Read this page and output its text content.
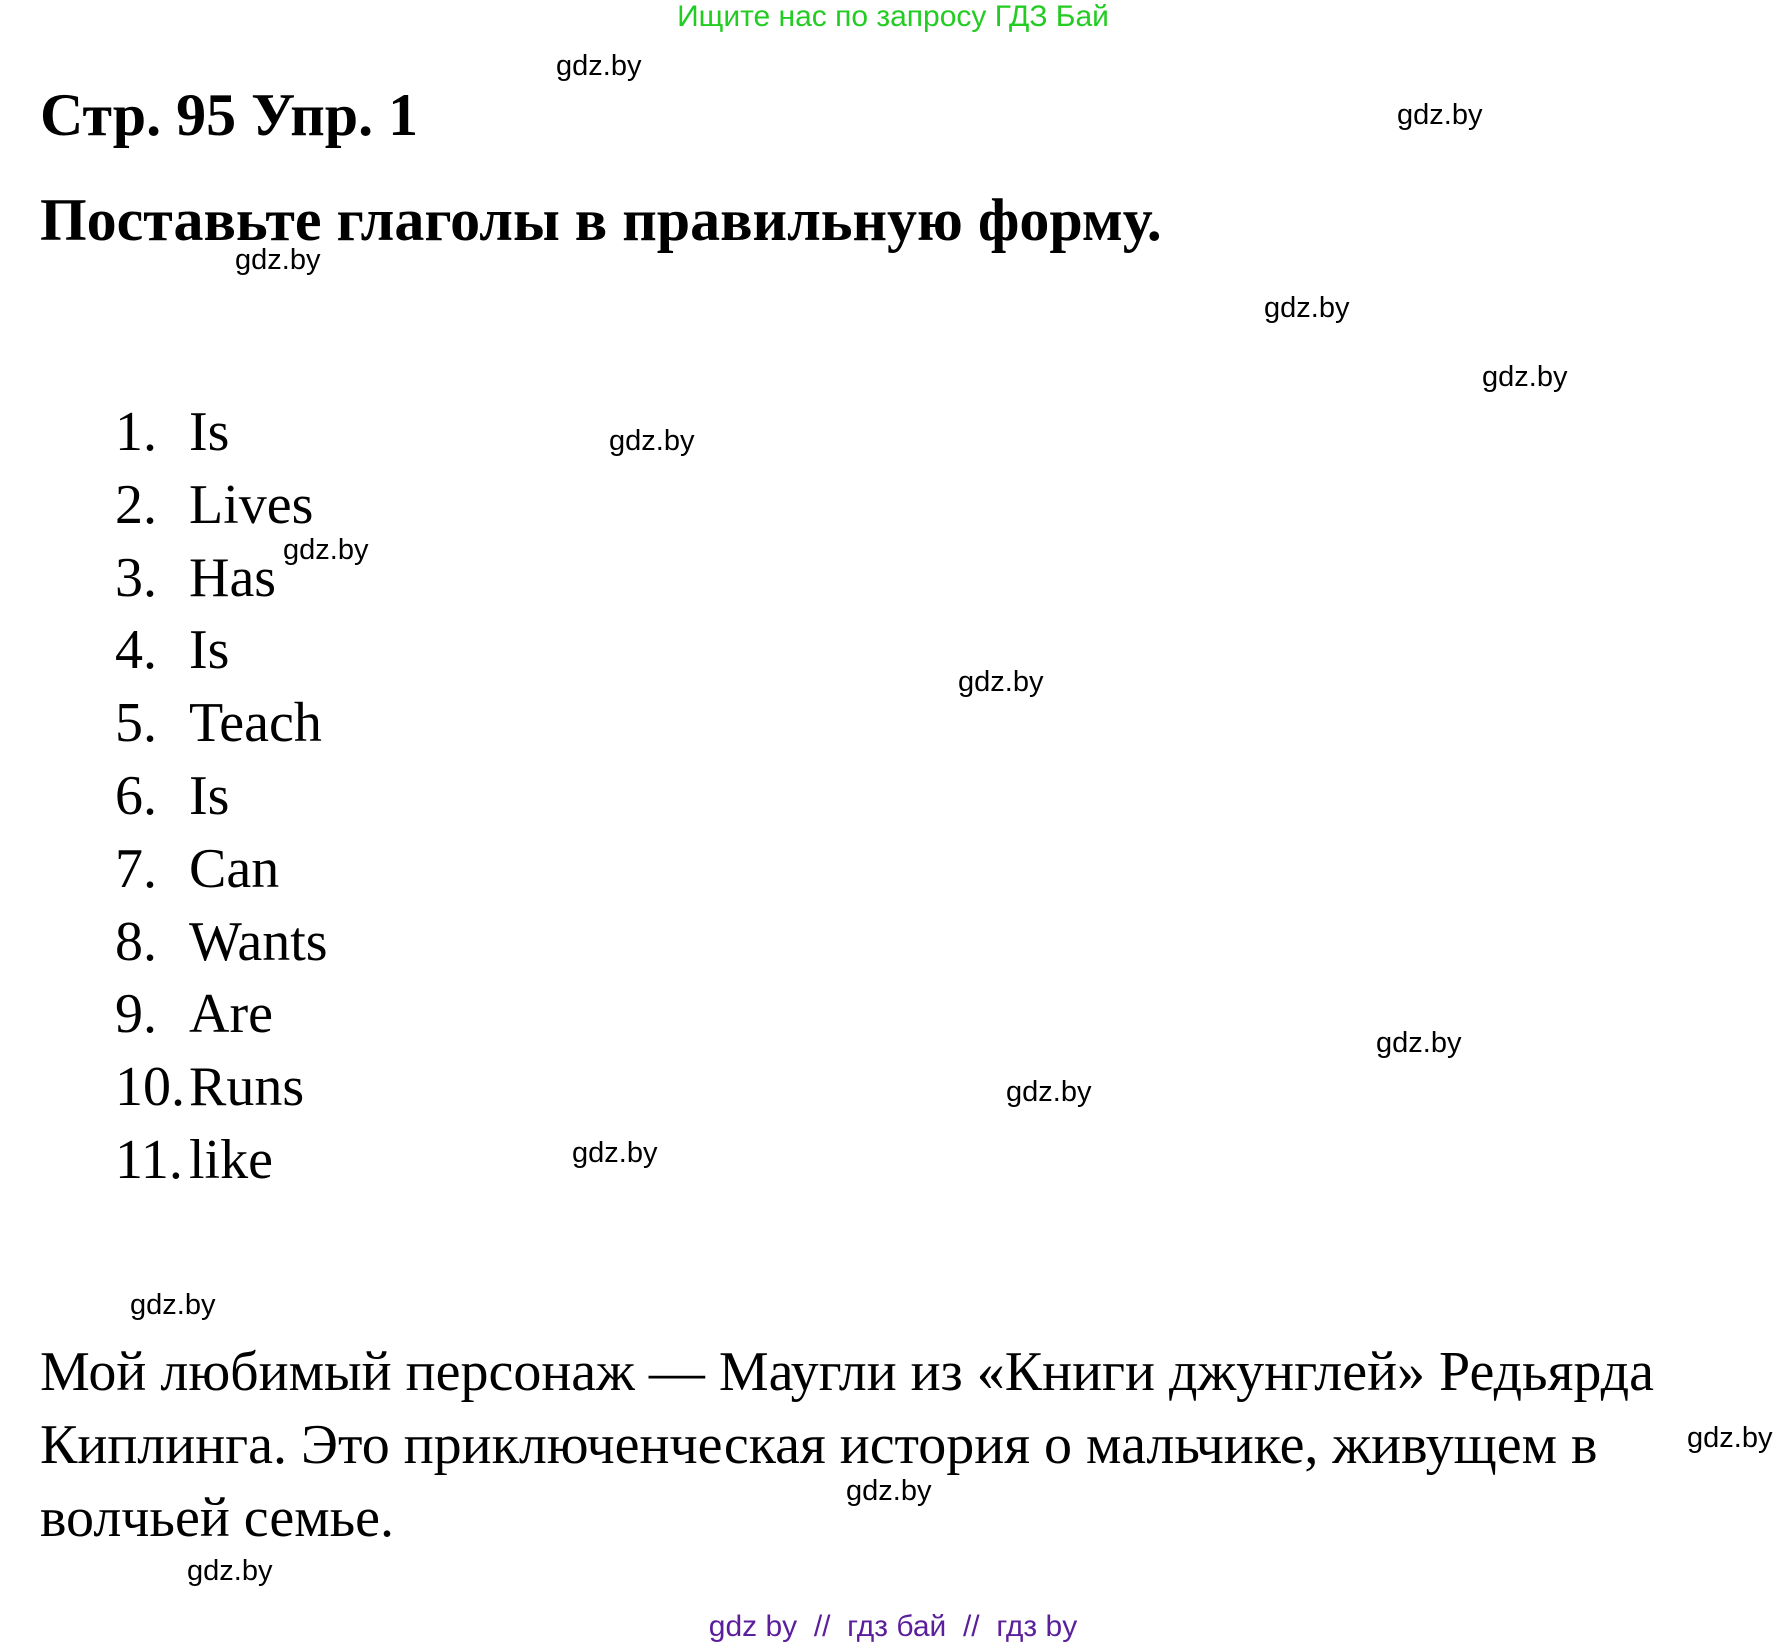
Ищите нас по запросу ГДЗ Бай
Стр. 95 Упр. 1
Поставьте глаголы в правильную форму.
1. Is
2. Lives
3. Has
4. Is
5. Teach
6. Is
7. Can
8. Wants
9. Are
10. Runs
11. like
Мой любимый персонаж — Маугли из «Книги джунглей» Редьярда
Киплинга. Это приключенческая история о мальчике, живущем в
волчьей семье.
gdz.by
gdz.by
gdz.by
gdz.by
gdz.by
gdz.by
gdz.by
gdz.by
gdz.by
gdz.by
gdz.by
gdz.by
gdz.by
gdz.by
gdz.by
gdz by  //  гдз бай  //  гдз by
